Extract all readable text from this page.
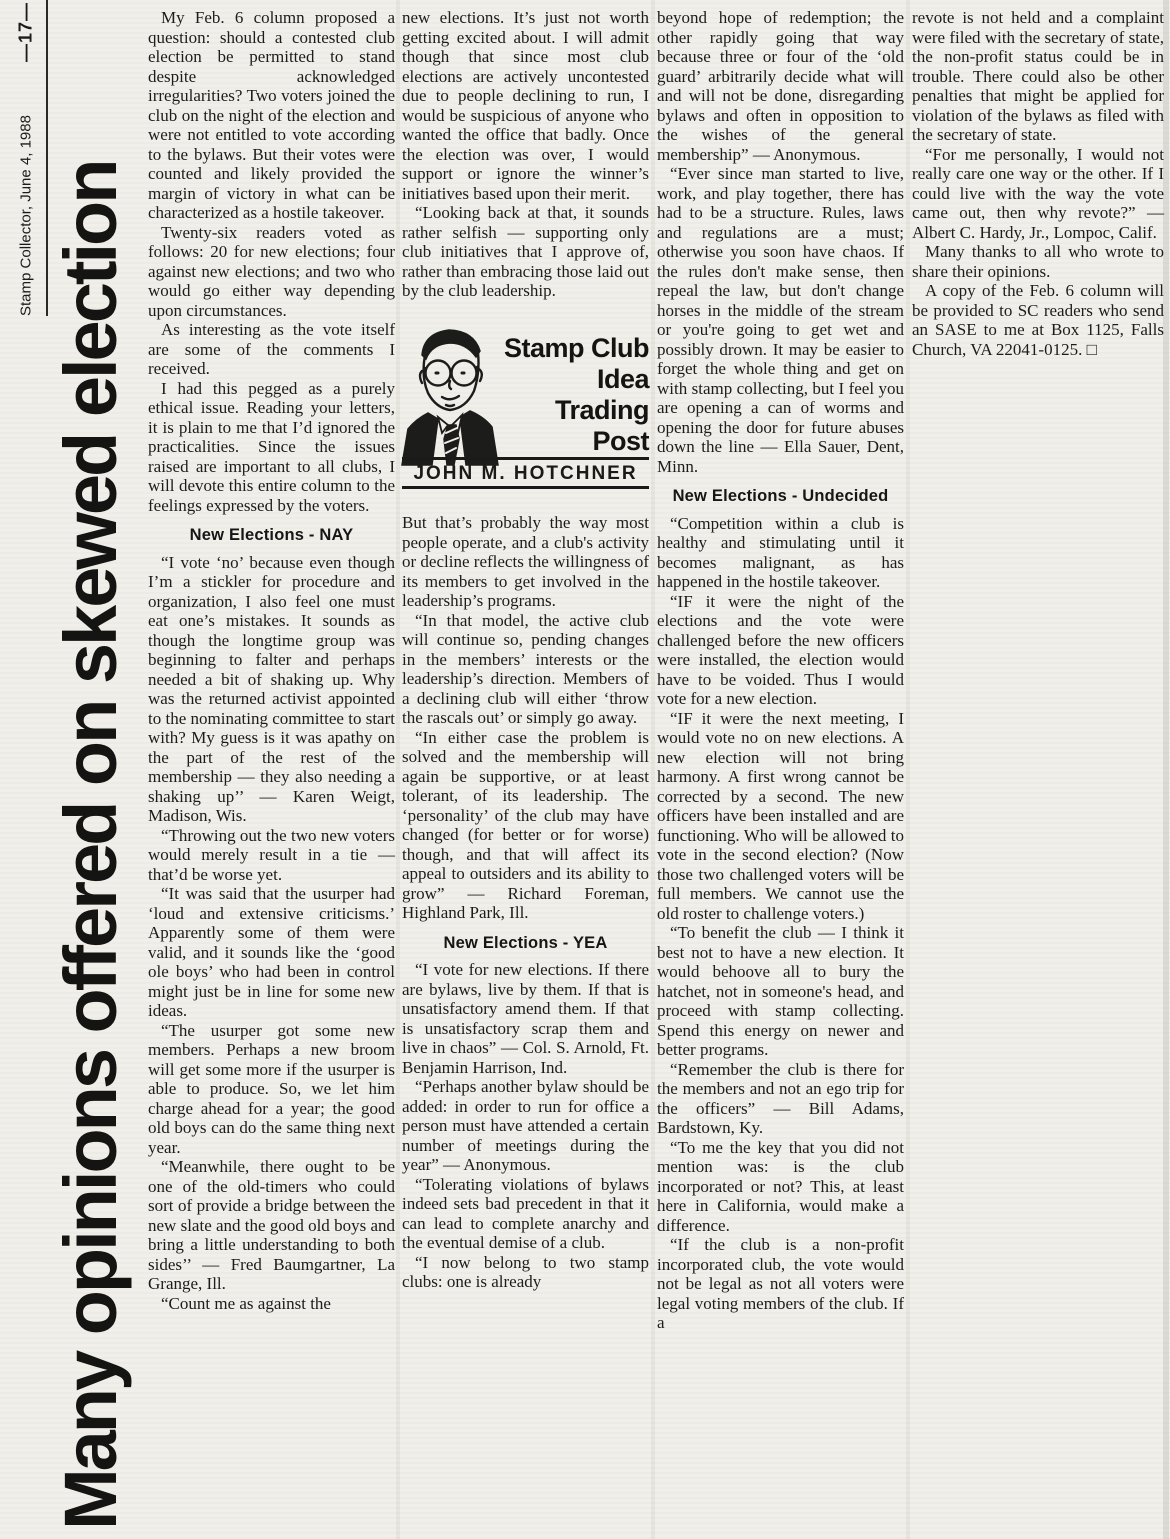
Stamp Collector, June 4, 1988
—17—
Many opinions offered on skewed election

My Feb. 6 column proposed a question: should a contested club election be permitted to stand despite acknowledged irregularities? Two voters joined the club on the night of the election and were not entitled to vote according to the bylaws. But their votes were counted and likely provided the margin of victory in what can be characterized as a hostile takeover.

Twenty-six readers voted as follows: 20 for new elections; four against new elections; and two who would go either way depending upon circumstances.

As interesting as the vote itself are some of the comments I received.

I had this pegged as a purely ethical issue. Reading your letters, it is plain to me that I’d ignored the practicalities. Since the issues raised are important to all clubs, I will devote this entire column to the feelings expressed by the voters.

New Elections - NAY

“I vote ‘no’ because even though I’m a stickler for procedure and organization, I also feel one must eat one’s mistakes. It sounds as though the longtime group was beginning to falter and perhaps needed a bit of shaking up. Why was the returned activist appointed to the nominating committee to start with? My guess is it was apathy on the part of the rest of the membership — they also needing a shaking up’’ — Karen Weigt, Madison, Wis.

“Throwing out the two new voters would merely result in a tie — that’d be worse yet.

“It was said that the usurper had ‘loud and extensive criticisms.’ Apparently some of them were valid, and it sounds like the ‘good ole boys’ who had been in control might just be in line for some new ideas.

“The usurper got some new members. Perhaps a new broom will get some more if the usurper is able to produce. So, we let him charge ahead for a year; the good old boys can do the same thing next year.

“Meanwhile, there ought to be one of the old-timers who could sort of provide a bridge between the new slate and the good old boys and bring a little understanding to both sides’’ — Fred Baumgartner, La Grange, Ill.

“Count me as against the

new elections. It’s just not worth getting excited about. I will admit though that since most club elections are actively uncontested due to people declining to run, I would be suspicious of anyone who wanted the office that badly. Once the election was over, I would support or ignore the winner’s initiatives based upon their merit.

“Looking back at that, it sounds rather selfish — supporting only club initiatives that I approve of, rather than embracing those laid out by the club leadership.

Stamp Club
Idea
Trading
Post
JOHN M. HOTCHNER

But that’s probably the way most people operate, and a club's activity or decline reflects the willingness of its members to get involved in the leadership’s programs.

“In that model, the active club will continue so, pending changes in the members’ interests or the leadership’s direction. Members of a declining club will either ‘throw the rascals out’ or simply go away.

“In either case the problem is solved and the membership will again be supportive, or at least tolerant, of its leadership. The ‘personality’ of the club may have changed (for better or for worse) though, and that will affect its appeal to outsiders and its ability to grow” — Richard Foreman, Highland Park, Ill.

New Elections - YEA

“I vote for new elections. If there are bylaws, live by them. If that is unsatisfactory amend them. If that is unsatisfactory scrap them and live in chaos” — Col. S. Arnold, Ft. Benjamin Harrison, Ind.

“Perhaps another bylaw should be added: in order to run for office a person must have attended a certain number of meetings during the year” — Anonymous.

“Tolerating violations of bylaws indeed sets bad precedent in that it can lead to complete anarchy and the eventual demise of a club.

“I now belong to two stamp clubs: one is already

beyond hope of redemption; the other rapidly going that way because three or four of the ‘old guard’ arbitrarily decide what will and will not be done, disregarding bylaws and often in opposition to the wishes of the general membership” — Anonymous.

“Ever since man started to live, work, and play together, there has had to be a structure. Rules, laws and regulations are a must; otherwise you soon have chaos. If the rules don't make sense, then repeal the law, but don't change horses in the middle of the stream or you're going to get wet and possibly drown. It may be easier to forget the whole thing and get on with stamp collecting, but I feel you are opening a can of worms and opening the door for future abuses down the line — Ella Sauer, Dent, Minn.

New Elections - Undecided

“Competition within a club is healthy and stimulating until it becomes malignant, as has happened in the hostile takeover.

“IF it were the night of the elections and the vote were challenged before the new officers were installed, the election would have to be voided. Thus I would vote for a new election.

“IF it were the next meeting, I would vote no on new elections. A new election will not bring harmony. A first wrong cannot be corrected by a second. The new officers have been installed and are functioning. Who will be allowed to vote in the second election? (Now those two challenged voters will be full members. We cannot use the old roster to challenge voters.)

“To benefit the club — I think it best not to have a new election. It would behoove all to bury the hatchet, not in someone's head, and proceed with stamp collecting. Spend this energy on newer and better programs.

“Remember the club is there for the members and not an ego trip for the officers” — Bill Adams, Bardstown, Ky.

“To me the key that you did not mention was: is the club incorporated or not? This, at least here in California, would make a difference.

“If the club is a non-profit incorporated club, the vote would not be legal as not all voters were legal voting members of the club. If a

revote is not held and a complaint were filed with the secretary of state, the non-profit status could be in trouble. There could also be other penalties that might be applied for violation of the bylaws as filed with the secretary of state.

“For me personally, I would not really care one way or the other. If I could live with the way the vote came out, then why revote?” — Albert C. Hardy, Jr., Lompoc, Calif.

Many thanks to all who wrote to share their opinions.

A copy of the Feb. 6 column will be provided to SC readers who send an SASE to me at Box 1125, Falls Church, VA 22041-0125. □
